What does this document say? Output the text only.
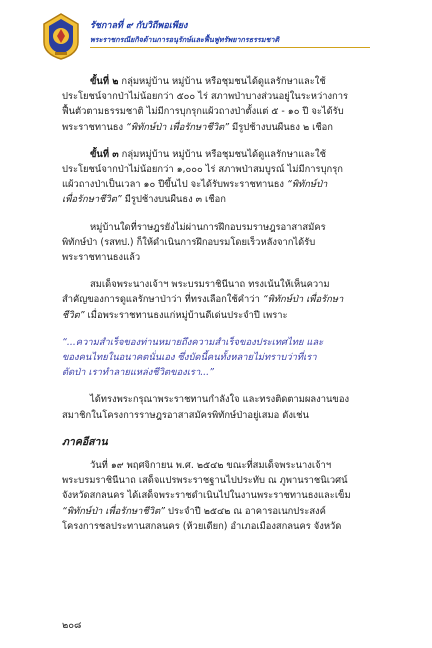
รัชกาลที่ ๙ กับวิถีพอเพียง
พระราชกรณียกิจด้านการอนุรักษ์และฟื้นฟูทรัพยากรธรรมชาติ
ขั้นที่ ๒ กลุ่มหมู่บ้าน หมู่บ้าน หรือชุมชนได้ดูแลรักษาและใช้
ประโยชน์จากป่าไม่น้อยกว่า ๕๐๐ ไร่ สภาพป่าบางส่วนอยู่ในระหว่างการ
ฟื้นตัวตามธรรมชาติ ไม่มีการบุกรุกแผ้วถางป่าตั้งแต่ ๕ - ๑๐ ปี จะได้รับ
พระราชทานธง “พิทักษ์ป่า เพื่อรักษาชีวิต” มีรูปช้างบนผืนธง ๒ เชือก
ขั้นที่ ๓ กลุ่มหมู่บ้าน หมู่บ้าน หรือชุมชนได้ดูแลรักษาและใช้
ประโยชน์จากป่าไม่น้อยกว่า ๑,๐๐๐ ไร่ สภาพป่าสมบูรณ์ ไม่มีการบุกรุก
แผ้วถางป่าเป็นเวลา ๑๐ ปีขึ้นไป จะได้รับพระราชทานธง “พิทักษ์ป่า
เพื่อรักษาชีวิต” มีรูปช้างบนผืนธง ๓ เชือก
หมู่บ้านใดที่ราษฎรยังไม่ผ่านการฝึกอบรมราษฎรอาสาสมัคร
พิทักษ์ป่า (รสทป.) ก็ให้ดำเนินการฝึกอบรมโดยเร็วหลังจากได้รับ
พระราชทานธงแล้ว
สมเด็จพระนางเจ้าฯ พระบรมราชินีนาถ ทรงเน้นให้เห็นความ
สำคัญของการดูแลรักษาป่าว่า ที่ทรงเลือกใช้คำว่า “พิทักษ์ป่า เพื่อรักษา
ชีวิต” เมื่อพระราชทานธงแก่หมู่บ้านดีเด่นประจำปี เพราะ
“...ความสำเร็จของท่านหมายถึงความสำเร็จของประเทศไทย และ
ของคนไทยในอนาคตนั่นเอง ซึ่งบัดนี้คนทั้งหลายไม่ทราบว่าที่เรา
ตัดป่า เราทำลายแหล่งชีวิตของเรา...”
ได้ทรงพระกรุณาพระราชทานกำลังใจ และทรงติดตามผลงานของ
สมาชิกในโครงการราษฎรอาสาสมัครพิทักษ์ป่าอยู่เสมอ ดังเช่น
ภาคอีสาน
วันที่ ๑๙ พฤศจิกายน พ.ศ. ๒๕๔๒ ขณะที่สมเด็จพระนางเจ้าฯ
พระบรมราชินีนาถ เสด็จแปรพระราชฐานไปประทับ ณ ภูพานราชนิเวศน์
จังหวัดสกลนคร ได้เสด็จพระราชดำเนินไปในงานพระราชทานธงและเข็ม
“พิทักษ์ป่า เพื่อรักษาชีวิต” ประจำปี ๒๕๔๒ ณ อาคารอเนกประสงค์
โครงการชลประทานสกลนคร (ห้วยเดียก) อำเภอเมืองสกลนคร จังหวัด
๒๐๘
